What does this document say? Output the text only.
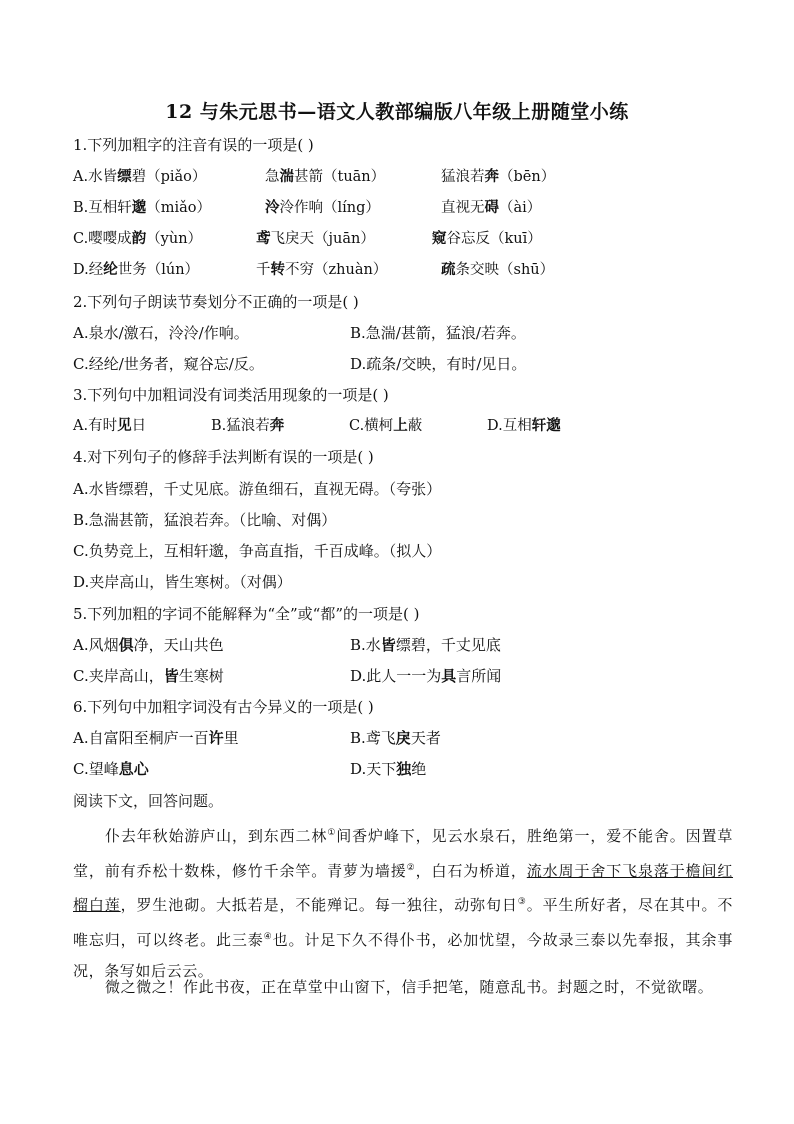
12 与朱元思书—语文人教部编版八年级上册随堂小练
1.下列加粗字的注音有误的一项是( )
A.水皆缥碧（piǎo）	急湍甚箭（tuān）	猛浪若奔（bēn）
B.互相轩邈（miǎo）	泠泠作响（líng）	直视无碍（ài）
C.嘤嘤成韵（yùn）	鸢飞戾天（juān）	窥谷忘反（kuī）
D.经纶世务（lún）	千转不穷（zhuàn）	疏条交映（shū）
2.下列句子朗读节奏划分不正确的一项是( )
A.泉水/激石，泠泠/作响。	B.急湍/甚箭，猛浪/若奔。
C.经纶/世务者，窥谷忘/反。	D.疏条/交映，有时/见日。
3.下列句中加粗词没有词类活用现象的一项是( )
A.有时见日	B.猛浪若奔	C.横柯上蔽	D.互相轩邈
4.对下列句子的修辞手法判断有误的一项是( )
A.水皆缥碧，千丈见底。游鱼细石，直视无碍。（夸张）
B.急湍甚箭，猛浪若奔。（比喻、对偶）
C.负势竞上，互相轩邈，争高直指，千百成峰。（拟人）
D.夹岸高山，皆生寒树。（对偶）
5.下列加粗的字词不能解释为“全”或“都”的一项是( )
A.风烟俱净，天山共色	B.水皆缥碧，千丈见底
C.夹岸高山，皆生寒树	D.此人一一为具言所闻
6.下列句中加粗字词没有古今异义的一项是( )
A.自富阳至桐庐一百许里	B.鸢飞戾天者
C.望峰息心	D.天下独绝
阅读下文，回答问题。
仆去年秋始游庐山，到东西二林①间香炉峰下，见云水泉石，胜绝第一，爱不能舍。因置草堂，前有乔松十数株，修竹千余竿。青萝为墙援②，白石为桥道，流水周于舍下飞泉落于檐间红榴白莲，罗生池砌。大抵若是，不能殚记。每一独往，动弥旬日③。平生所好者，尽在其中。不唯忘归，可以终老。此三泰④也。计足下久不得仆书，必加忧望，今故录三泰以先奉报，其余事况，条写如后云云。
微之微之！作此书夜，正在草堂中山窗下，信手把笔，随意乱书。封题之时，不觉欲曙。
